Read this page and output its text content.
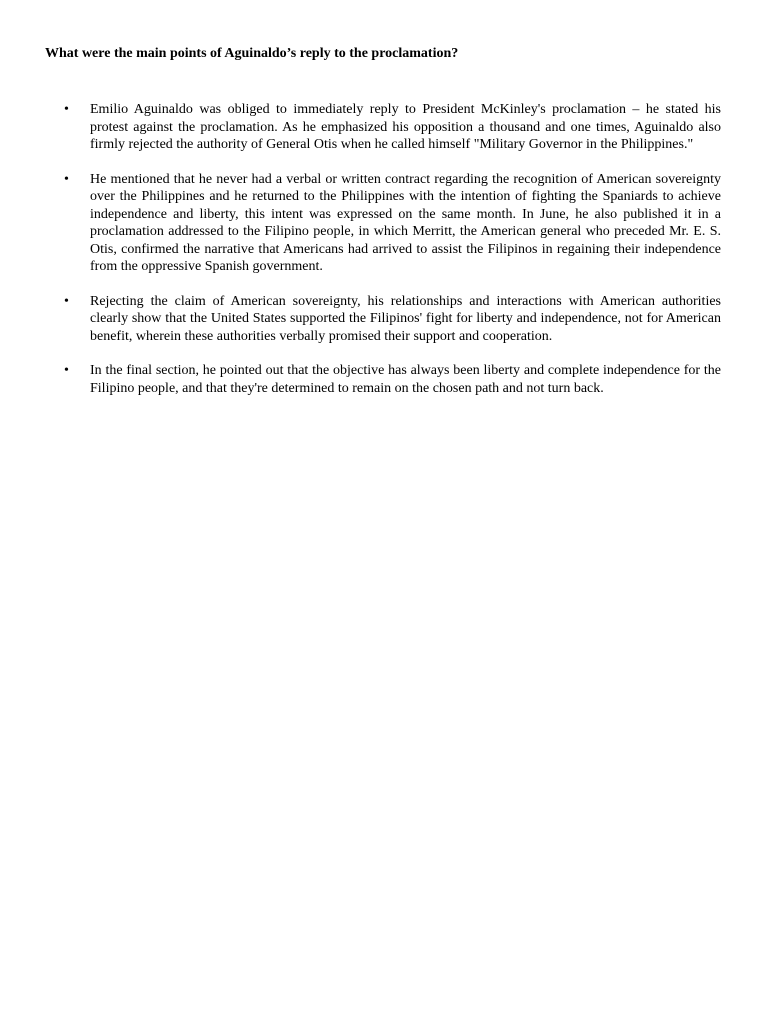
What were the main points of Aguinaldo’s reply to the proclamation?

• Emilio Aguinaldo was obliged to immediately reply to President McKinley's proclamation – he stated his protest against the proclamation. As he emphasized his opposition a thousand and one times, Aguinaldo also firmly rejected the authority of General Otis when he called himself "Military Governor in the Philippines."
• He mentioned that he never had a verbal or written contract regarding the recognition of American sovereignty over the Philippines and he returned to the Philippines with the intention of fighting the Spaniards to achieve independence and liberty, this intent was expressed on the same month. In June, he also published it in a proclamation addressed to the Filipino people, in which Merritt, the American general who preceded Mr. E. S. Otis, confirmed the narrative that Americans had arrived to assist the Filipinos in regaining their independence from the oppressive Spanish government.
• Rejecting the claim of American sovereignty, his relationships and interactions with American authorities clearly show that the United States supported the Filipinos' fight for liberty and independence, not for American benefit, wherein these authorities verbally promised their support and cooperation.
• In the final section, he pointed out that the objective has always been liberty and complete independence for the Filipino people, and that they're determined to remain on the chosen path and not turn back.
